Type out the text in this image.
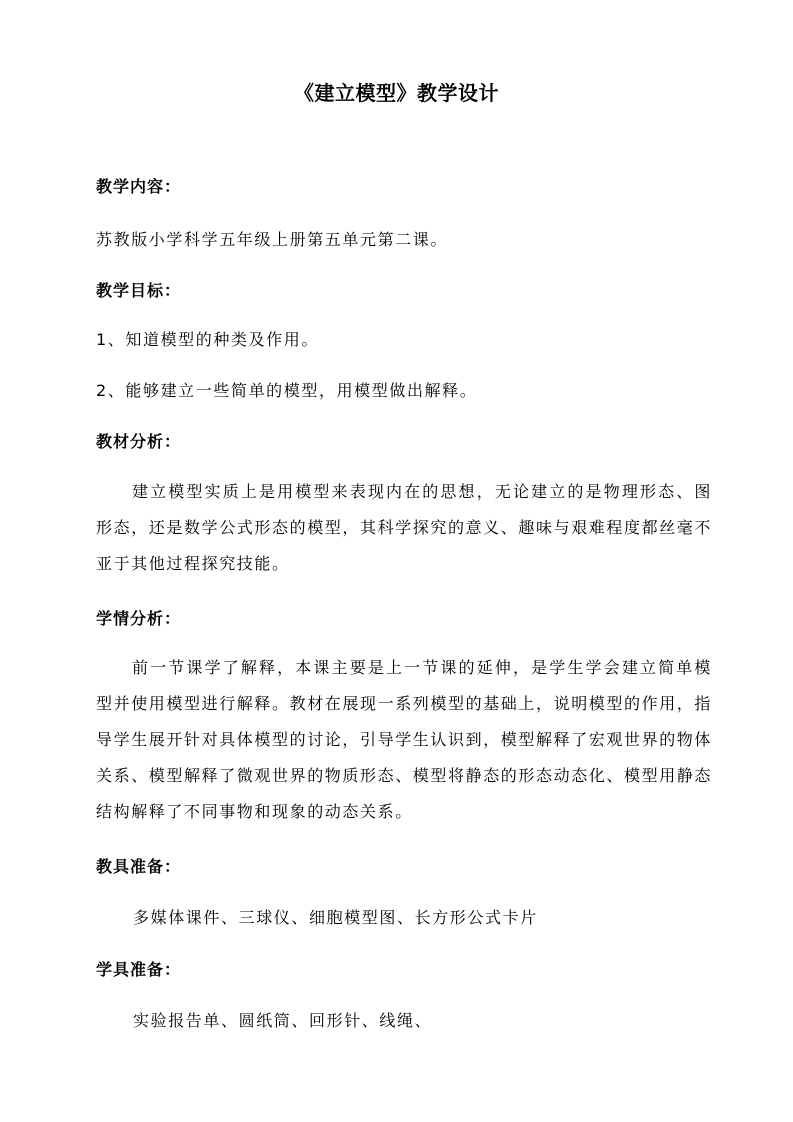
《建立模型》教学设计
教学内容：
苏教版小学科学五年级上册第五单元第二课。
教学目标：
1、知道模型的种类及作用。
2、能够建立一些简单的模型，用模型做出解释。
教材分析：
建立模型实质上是用模型来表现内在的思想，无论建立的是物理形态、图形态，还是数学公式形态的模型，其科学探究的意义、趣味与艰难程度都丝毫不亚于其他过程探究技能。
学情分析：
前一节课学了解释，本课主要是上一节课的延伸，是学生学会建立简单模型并使用模型进行解释。教材在展现一系列模型的基础上，说明模型的作用，指导学生展开针对具体模型的讨论，引导学生认识到，模型解释了宏观世界的物体关系、模型解释了微观世界的物质形态、模型将静态的形态动态化、模型用静态结构解释了不同事物和现象的动态关系。
教具准备：
多媒体课件、三球仪、细胞模型图、长方形公式卡片
学具准备：
实验报告单、圆纸筒、回形针、线绳、
